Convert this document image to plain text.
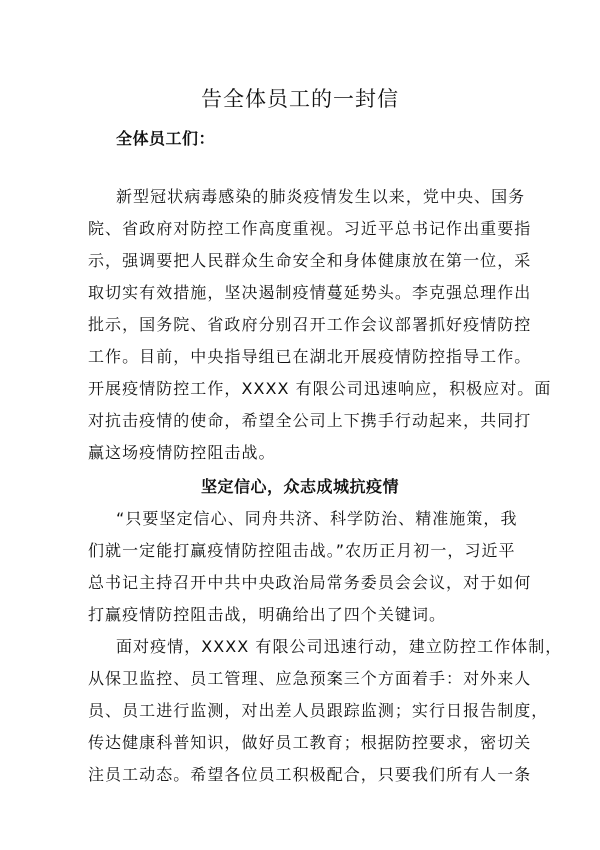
告全体员工的一封信

全体员工们：

新型冠状病毒感染的肺炎疫情发生以来，党中央、国务

院、省政府对防控工作高度重视。习近平总书记作出重要指

示，强调要把人民群众生命安全和身体健康放在第一位，采

取切实有效措施，坚决遏制疫情蔓延势头。李克强总理作出

批示，国务院、省政府分别召开工作会议部署抓好疫情防控

工作。目前，中央指导组已在湖北开展疫情防控指导工作。

开展疫情防控工作，XXXX 有限公司迅速响应，积极应对。面

对抗击疫情的使命，希望全公司上下携手行动起来，共同打

赢这场疫情防控阻击战。

坚定信心，众志成城抗疫情

“只要坚定信心、同舟共济、科学防治、精准施策，我

们就一定能打赢疫情防控阻击战。”农历正月初一，习近平

总书记主持召开中共中央政治局常务委员会会议，对于如何

打赢疫情防控阻击战，明确给出了四个关键词。

面对疫情，XXXX 有限公司迅速行动，建立防控工作体制，

从保卫监控、员工管理、应急预案三个方面着手：对外来人

员、员工进行监测，对出差人员跟踪监测；实行日报告制度，

传达健康科普知识，做好员工教育；根据防控要求，密切关

注员工动态。希望各位员工积极配合，只要我们所有人一条
